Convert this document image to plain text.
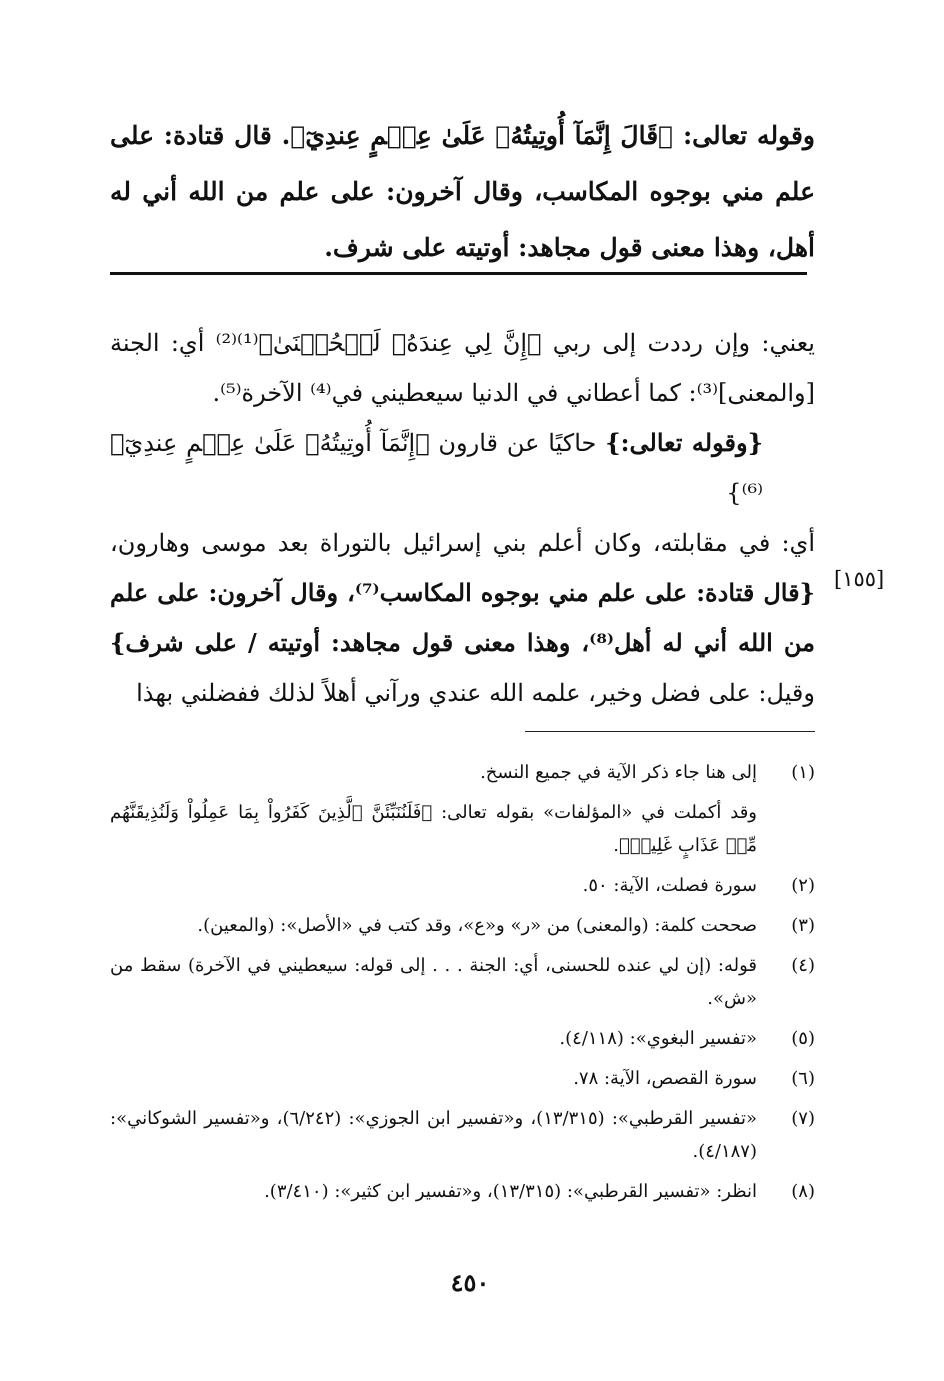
وقوله تعالى: ﴿قَالَ إِنَّمَآ أُوتِيتُهُۥ عَلَىٰ عِلۡمٍ عِندِيٓ﴾. قال قتادة: على علم مني بوجوه المكاسب، وقال آخرون: على علم من الله أني له أهل، وهذا معنى قول مجاهد: أوتيته على شرف.

يعني: وإن رددت إلى ربي ﴿إِنَّ لِي عِندَهُۥ لَلۡحُسۡنَىٰ﴾⁽¹⁾⁽²⁾ أي: الجنة [والمعنى]⁽³⁾: كما أعطاني في الدنيا سيعطيني في⁽⁴⁾ الآخرة⁽⁵⁾.

{وقوله تعالى:} حاكيًا عن قارون ﴿إِنَّمَآ أُوتِيتُهُۥ عَلَىٰ عِلۡمٍ عِندِيٓ﴾⁽⁶⁾}

أي: في مقابلته، وكان أعلم بني إسرائيل بالتوراة بعد موسى وهارون، {قال قتادة: على علم مني بوجوه المكاسب⁽⁷⁾، وقال آخرون: على علم من الله أني له أهل⁽⁸⁾، وهذا معنى قول مجاهد: أوتيته / على شرف} وقيل: على فضل وخير، علمه الله عندي ورآني أهلاً لذلك ففضلني بهذا

[١٥٥]
(١)
إلى هنا جاء ذكر الآية في جميع النسخ.
وقد أكملت في «المؤلفات» بقوله تعالى: ﴿فَلَنُنَبِّئَنَّ ٱلَّذِينَ كَفَرُواْ بِمَا عَمِلُواْ وَلَنُذِيقَنَّهُم مِّنۡ عَذَابٍ غَلِيظٖ﴾.
(٢)
سورة فصلت، الآية: ٥٠.
(٣)
صححت كلمة: (والمعنى) من «ر» و«ع»، وقد كتب في «الأصل»: (والمعين).
(٤)
قوله: (إن لي عنده للحسنى، أي: الجنة . . . إلى قوله: سيعطيني في الآخرة) سقط من «ش».
(٥)
«تفسير البغوي»: (٤/١١٨).
(٦)
سورة القصص، الآية: ٧٨.
(٧)
«تفسير القرطبي»: (١٣/٣١٥)، و«تفسير ابن الجوزي»: (٦/٢٤٢)، و«تفسير الشوكاني»: (٤/١٨٧).
(٨)
انظر: «تفسير القرطبي»: (١٣/٣١٥)، و«تفسير ابن كثير»: (٣/٤١٠).
٤٥٠
